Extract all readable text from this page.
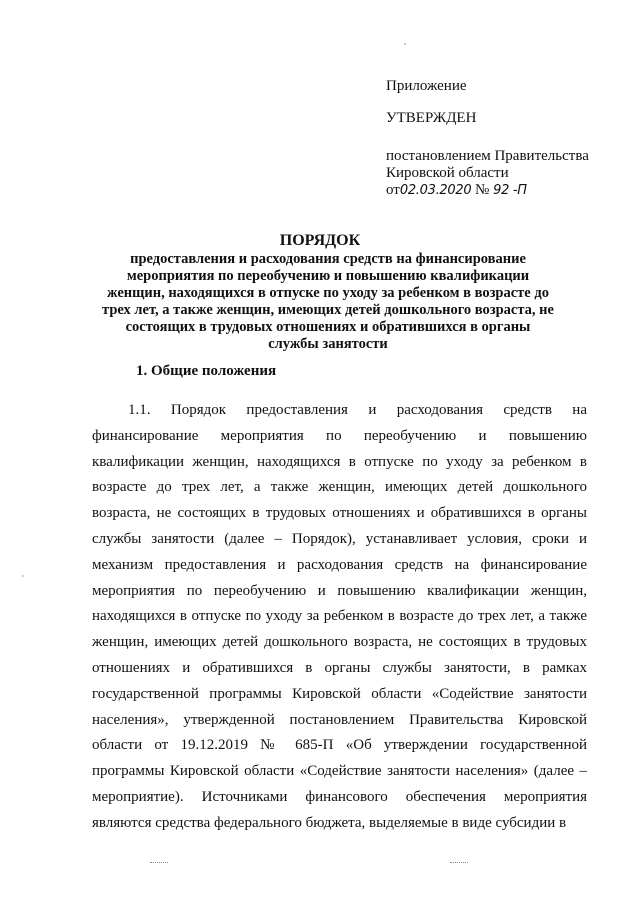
Приложение
УТВЕРЖДЕН
постановлением Правительства
Кировской области
от02.03.2020 № 92 -П
ПОРЯДОК
предоставления и расходования средств на финансирование мероприятия по переобучению и повышению квалификации женщин, находящихся в отпуске по уходу за ребенком в возрасте до трех лет, а также женщин, имеющих детей дошкольного возраста, не состоящих в трудовых отношениях и обратившихся в органы службы занятости
1. Общие положения

1.1. Порядок предоставления и расходования средств на финансирование мероприятия по переобучению и повышению квалификации женщин, находящихся в отпуске по уходу за ребенком в возрасте до трех лет, а также женщин, имеющих детей дошкольного возраста, не состоящих в трудовых отношениях и обратившихся в органы службы занятости (далее – Порядок), устанавливает условия, сроки и механизм предоставления и расходования средств на финансирование мероприятия по переобучению и повышению квалификации женщин, находящихся в отпуске по уходу за ребенком в возрасте до трех лет, а также женщин, имеющих детей дошкольного возраста, не состоящих в трудовых отношениях и обратившихся в органы службы занятости, в рамках государственной программы Кировской области «Содействие занятости населения», утвержденной постановлением Правительства Кировской области от 19.12.2019 № 685-П «Об утверждении государственной программы Кировской области «Содействие занятости населения» (далее – мероприятие). Источниками финансового обеспечения мероприятия являются средства федерального бюджета, выделяемые в виде субсидии в
